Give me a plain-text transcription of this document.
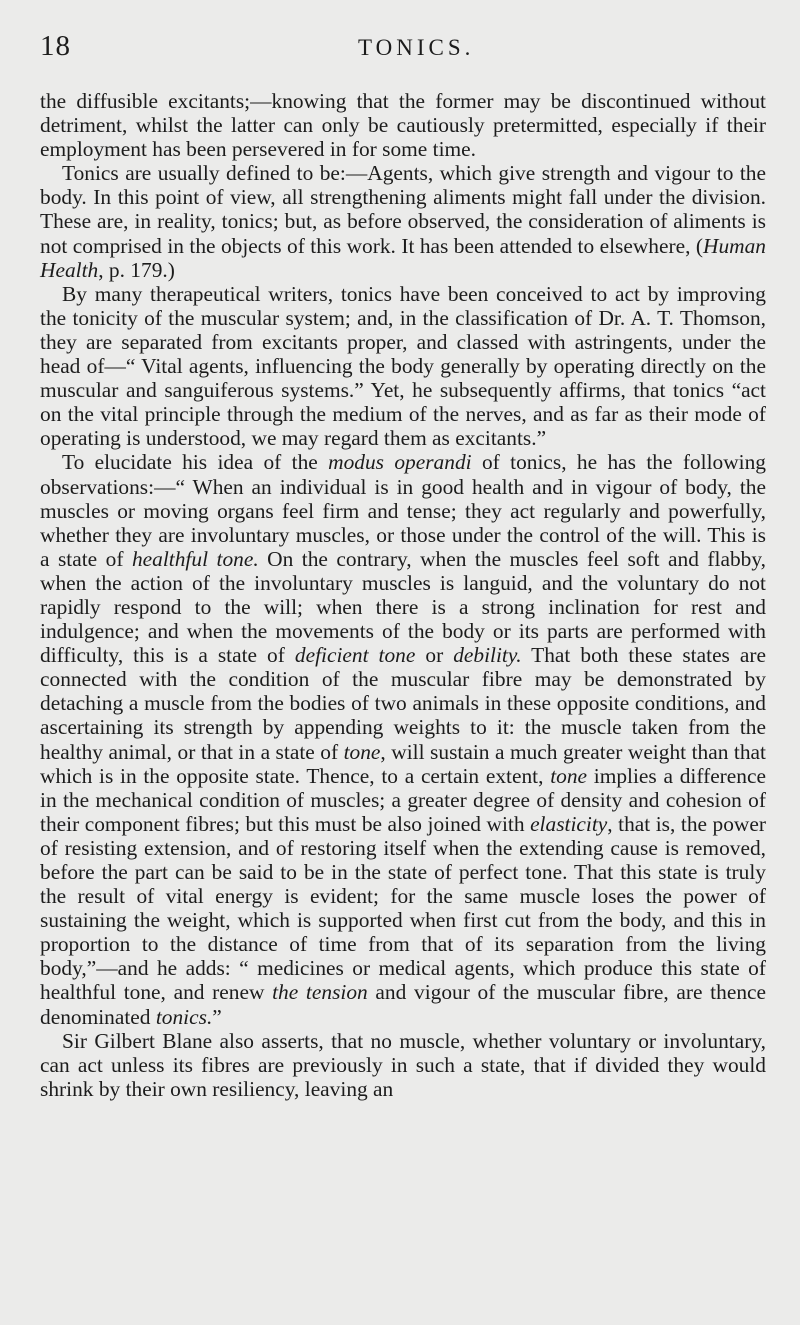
18	TONICS.

the diffusible excitants;—knowing that the former may be discontinued without detriment, whilst the latter can only be cautiously pretermitted, especially if their employment has been persevered in for some time.

Tonics are usually defined to be:—Agents, which give strength and vigour to the body. In this point of view, all strengthening aliments might fall under the division. These are, in reality, tonics; but, as before observed, the consideration of aliments is not comprised in the objects of this work. It has been attended to elsewhere, (Human Health, p. 179.)

By many therapeutical writers, tonics have been conceived to act by improving the tonicity of the muscular system; and, in the classification of Dr. A. T. Thomson, they are separated from excitants proper, and classed with astringents, under the head of—“ Vital agents, influencing the body generally by operating directly on the muscular and sanguiferous systems.” Yet, he subsequently affirms, that tonics “act on the vital principle through the medium of the nerves, and as far as their mode of operating is understood, we may regard them as excitants.”

To elucidate his idea of the modus operandi of tonics, he has the following observations:—“ When an individual is in good health and in vigour of body, the muscles or moving organs feel firm and tense; they act regularly and powerfully, whether they are involuntary muscles, or those under the control of the will. This is a state of healthful tone. On the contrary, when the muscles feel soft and flabby, when the action of the involuntary muscles is languid, and the voluntary do not rapidly respond to the will; when there is a strong inclination for rest and indulgence; and when the movements of the body or its parts are performed with difficulty, this is a state of deficient tone or debility. That both these states are connected with the condition of the muscular fibre may be demonstrated by detaching a muscle from the bodies of two animals in these opposite conditions, and ascertaining its strength by appending weights to it: the muscle taken from the healthy animal, or that in a state of tone, will sustain a much greater weight than that which is in the opposite state. Thence, to a certain extent, tone implies a difference in the mechanical condition of muscles; a greater degree of density and cohesion of their component fibres; but this must be also joined with elasticity, that is, the power of resisting extension, and of restoring itself when the extending cause is removed, before the part can be said to be in the state of perfect tone. That this state is truly the result of vital energy is evident; for the same muscle loses the power of sustaining the weight, which is supported when first cut from the body, and this in proportion to the distance of time from that of its separation from the living body,”—and he adds: “ medicines or medical agents, which produce this state of healthful tone, and renew the tension and vigour of the muscular fibre, are thence denominated tonics.”

Sir Gilbert Blane also asserts, that no muscle, whether voluntary or involuntary, can act unless its fibres are previously in such a state, that if divided they would shrink by their own resiliency, leaving an
